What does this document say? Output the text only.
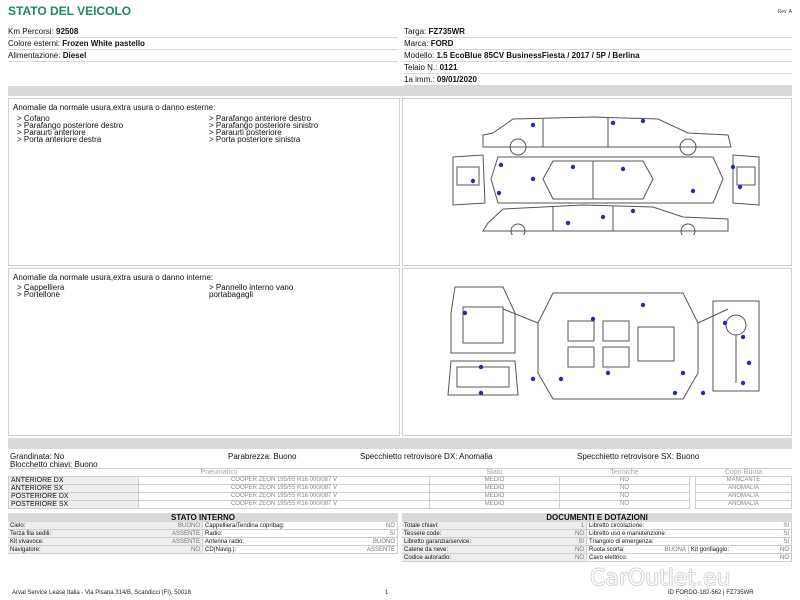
STATO DEL VEICOLO	Rev. A
Km Percorsi: 92508
Colore esterni: Frozen White pastello
Alimentazione: Diesel
Targa: FZ735WR
Marca: FORD
Modello: 1.5 EcoBlue 85CV BusinessFiesta / 2017 / 5P / Berlina
Telaio N.: 0121
1a imm.: 09/01/2020
Anomalie da normale usura,extra usura o danno esterne:
> Cofano
> Parafango posteriore destro
> Paraurti anteriore
> Porta anteriore destra
> Parafango anteriore destro
> Parafango posteriore sinistro
> Paraurti posteriore
> Porta posteriore sinistra
Anomalie da normale usura,extra usura o danno interne:
> Cappelliera
> Portellone
> Pannello interno vano
portabagagli
Grandinata: No	Parabrezza: Buono	Specchietto retrovisore DX: Anomalia	Specchietto retrovisore SX: Buono
Blocchetto chiavi: Buono
Pneumatico		Stato	Termiche		Copri Ruota
ANTERIORE DX	COOPER ZEON 195/55 R16 000/087 V	MEDIO	NO		MANCANTE
ANTERIORE SX	COOPER ZEON 195/55 R16 000/087 V	MEDIO	NO		ANOMALIA
POSTERIORE DX	COOPER ZEON 195/55 R16 000/087 V	MEDIO	NO		ANOMALIA
POSTERIORE SX	COOPER ZEON 195/55 R16 000/087 V	MEDIO	NO		ANOMALIA
STATO INTERNO
Cielo:	BUONO Cappelliera/Tendina copribag:	NO
Terza fila sedili:	ASSENTE Radio:	SI
Kit vivavoce:	ASSENTE Antenna radio:	BUONO
Navigatore:	NO CD(Navig.):	ASSENTE
DOCUMENTI E DOTAZIONI
Totale chiavi:	1 Libretto circolazione:	SI
Tessere code:	NO Libretto uso e manutenzione:	SI
Libretto garanzia/service:	SI Triangolo di emergenza:	SI
Catene da neve:	NO Ruota scorta:	BUONA Kit gonfiaggio:	NO
Codice autoradio:	NO Cavo elettrico:	NO
Arval Service Lease Italia - Via Pisana 314/B, Scandicci (FI), 50018	1	ID FORDO-182-562 | FZ735WR
CarOutlet.eu
